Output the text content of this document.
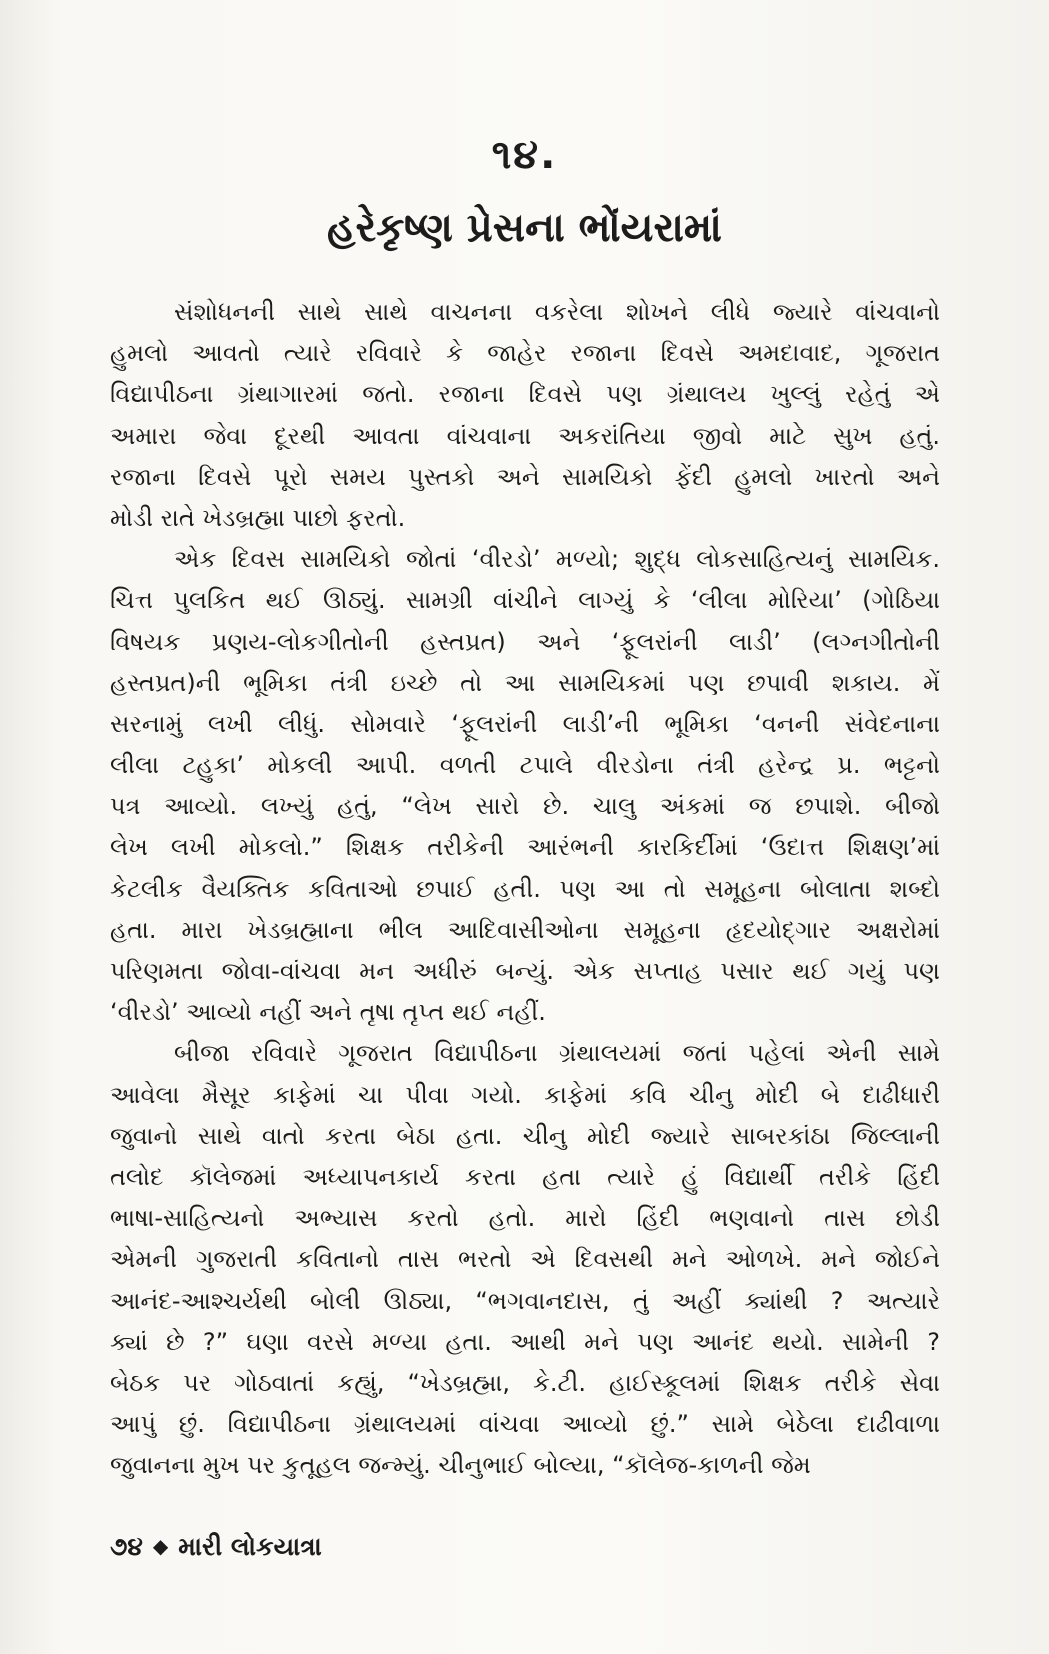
૧૪.
હરેકૃષ્ણ પ્રેસના ભોંયરામાં
સંશોધનની સાથે સાથે વાચનના વકરેલા શોખને લીધે જ્યારે વાંચવાનો
હુમલો આવતો ત્યારે રવિવારે કે જાહેર રજાના દિવસે અમદાવાદ, ગૂજરાત
વિદ્યાપીઠના ગ્રંથાગારમાં જતો. રજાના દિવસે પણ ગ્રંથાલય ખુલ્લું રહેતું એ
અમારા જેવા દૂરથી આવતા વાંચવાના અકરાંતિયા જીવો માટે સુખ હતું.
રજાના દિવસે પૂરો સમય પુસ્તકો અને સામયિકો ફેંદી હુમલો ખારતો અને
મોડી રાતે ખેડબ્રહ્મા પાછો ફરતો.
એક દિવસ સામયિકો જોતાં ‘વીરડો’ મળ્યો; શુદ્ધ લોકસાહિત્યનું સામયિક.
ચિત્ત પુલકિત થઈ ઊઠ્યું. સામગ્રી વાંચીને લાગ્યું કે ‘લીલા મોરિયા’ (ગોઠિયા
વિષયક પ્રણય-લોકગીતોની હસ્તપ્રત) અને ‘ફૂલરાંની લાડી’ (લગ્નગીતોની
હસ્તપ્રત)ની ભૂમિકા તંત્રી ઇચ્છે તો આ સામયિકમાં પણ છપાવી શકાય. મેં
સરનામું લખી લીધું. સોમવારે ‘ફૂલરાંની લાડી’ની ભૂમિકા ‘વનની સંવેદનાના
લીલા ટહુકા’ મોકલી આપી. વળતી ટપાલે વીરડોના તંત્રી હરેન્દ્ર પ્ર. ભટ્ટનો
પત્ર આવ્યો. લખ્યું હતું, “લેખ સારો છે. ચાલુ અંકમાં જ છપાશે. બીજો
લેખ લખી મોકલો.” શિક્ષક તરીકેની આરંભની કારકિર્દીમાં ‘ઉદાત્ત શિક્ષણ’માં
કેટલીક વૈયક્તિક કવિતાઓ છપાઈ હતી. પણ આ તો સમૂહના બોલાતા શબ્દો
હતા. મારા ખેડબ્રહ્માના ભીલ આદિવાસીઓના સમૂહના હૃદયોદ્ગાર અક્ષરોમાં
પરિણમતા જોવા-વાંચવા મન અધીરું બન્યું. એક સપ્તાહ પસાર થઈ ગયું પણ
‘વીરડો’ આવ્યો નહીં અને તૃષા તૃપ્ત થઈ નહીં.
બીજા રવિવારે ગૂજરાત વિદ્યાપીઠના ગ્રંથાલયમાં જતાં પહેલાં એની સામે
આવેલા મૈસૂર કાફેમાં ચા પીવા ગયો. કાફેમાં કવિ ચીનુ મોદી બે દાઢીધારી
જુવાનો સાથે વાતો કરતા બેઠા હતા. ચીનુ મોદી જ્યારે સાબરકાંઠા જિલ્લાની
તલોદ કૉલેજમાં અધ્યાપનકાર્ય કરતા હતા ત્યારે હું વિદ્યાર્થી તરીકે હિંદી
ભાષા-સાહિત્યનો અભ્યાસ કરતો હતો. મારો હિંદી ભણવાનો તાસ છોડી
એમની ગુજરાતી કવિતાનો તાસ ભરતો એ દિવસથી મને ઓળખે. મને જોઈને
આનંદ-આશ્ચર્યથી બોલી ઊઠ્યા, “ભગવાનદાસ, તું અહીં ક્યાંથી ? અત્યારે
ક્યાં છે ?” ઘણા વરસે મળ્યા હતા. આથી મને પણ આનંદ થયો. સામેની ?
બેઠક પર ગોઠવાતાં કહ્યું, “ખેડબ્રહ્મા, કે.ટી. હાઈસ્કૂલમાં શિક્ષક તરીકે સેવા
આપું છું. વિદ્યાપીઠના ગ્રંથાલયમાં વાંચવા આવ્યો છું.” સામે બેઠેલા દાઢીવાળા
જુવાનના મુખ પર કુતૂહલ જન્મ્યું. ચીનુભાઈ બોલ્યા, “કૉલેજ-કાળની જેમ
૭૪ ◆ મારી લોકયાત્રા
